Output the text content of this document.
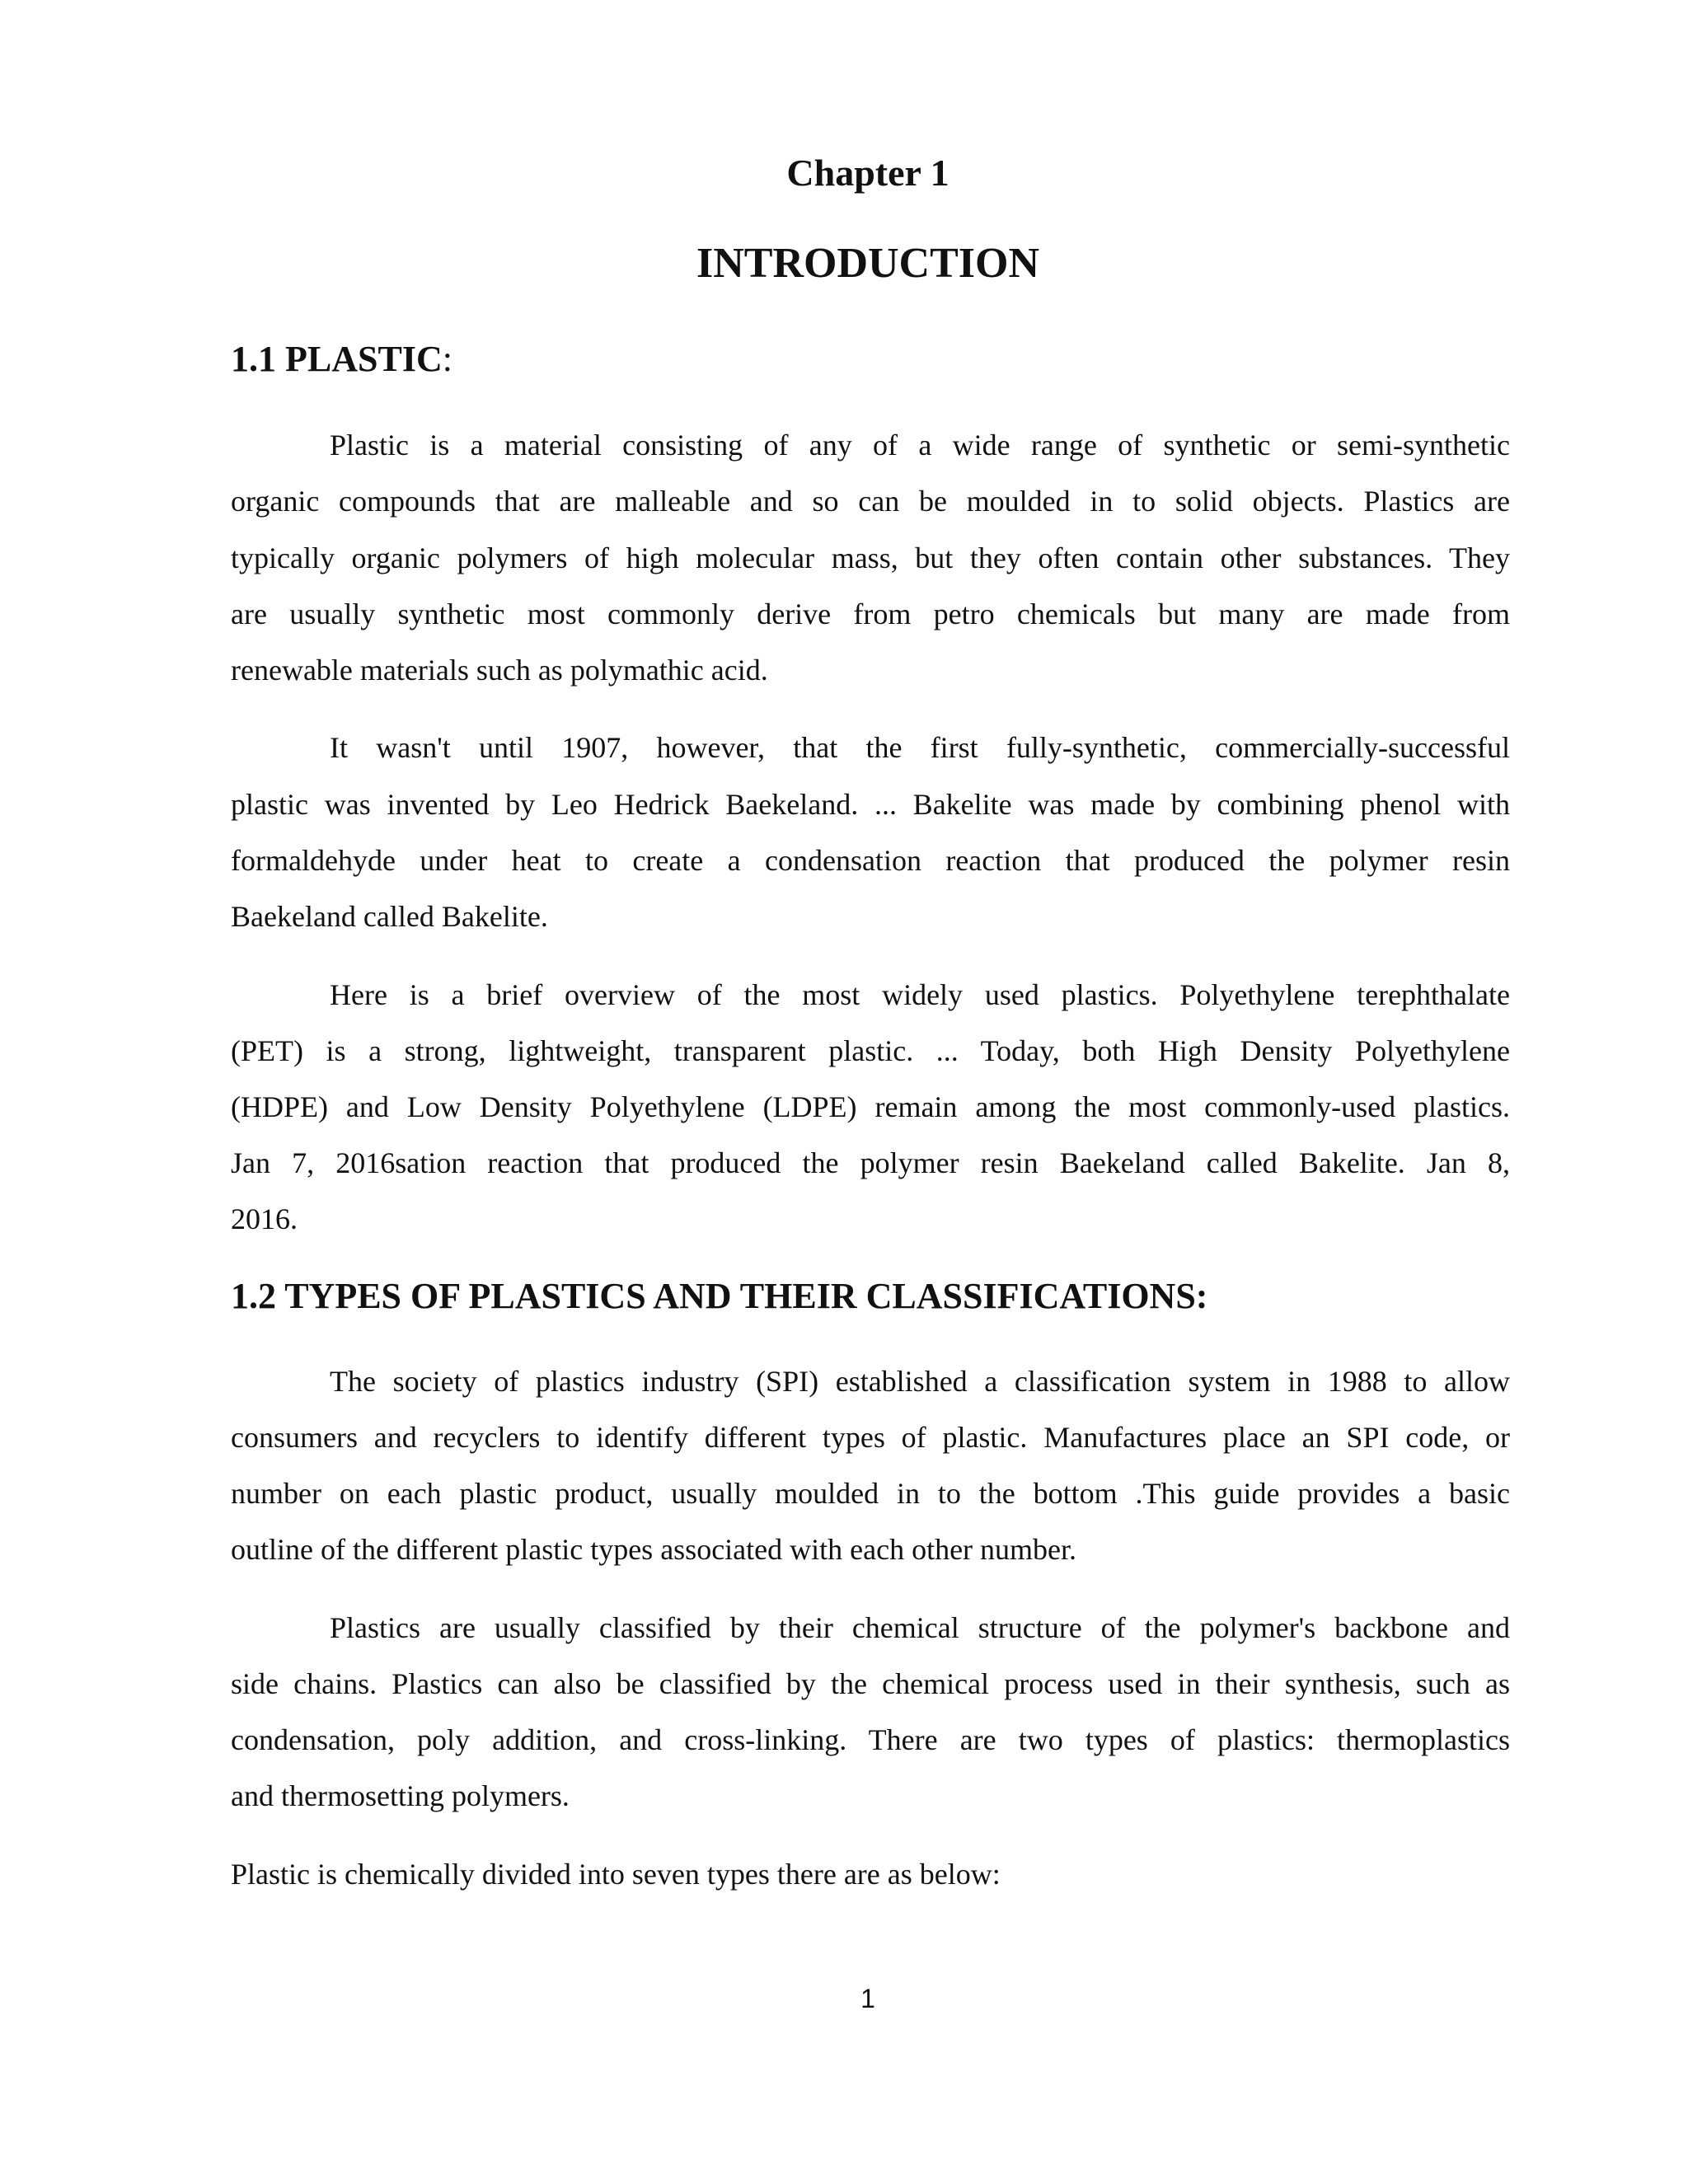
Chapter 1
INTRODUCTION
1.1 PLASTIC:
Plastic is a material consisting of any of a wide range of synthetic or semi-synthetic
organic compounds that are malleable and so can be moulded in to solid objects. Plastics are
typically organic polymers of high molecular mass, but they often contain other substances. They
are usually synthetic most commonly derive from petro chemicals but many are made from
renewable materials such as polymathic acid.
It wasn't until 1907, however, that the first fully-synthetic, commercially-successful
plastic was invented by Leo Hedrick Baekeland. ... Bakelite was made by combining phenol with
formaldehyde under heat to create a condensation reaction that produced the polymer resin
Baekeland called Bakelite.
Here is a brief overview of the most widely used plastics. Polyethylene terephthalate
(PET) is a strong, lightweight, transparent plastic. ... Today, both High Density Polyethylene
(HDPE) and Low Density Polyethylene (LDPE) remain among the most commonly-used plastics.
Jan 7, 2016sation reaction that produced the polymer resin Baekeland called Bakelite. Jan 8,
2016.
1.2 TYPES OF PLASTICS AND THEIR CLASSIFICATIONS:
The society of plastics industry (SPI) established a classification system in 1988 to allow
consumers and recyclers to identify different types of plastic. Manufactures place an SPI code, or
number on each plastic product, usually moulded in to the bottom .This guide provides a basic
outline of the different plastic types associated with each other number.
Plastics are usually classified by their chemical structure of the polymer's backbone and
side chains. Plastics can also be classified by the chemical process used in their synthesis, such as
condensation, poly addition, and cross-linking. There are two types of plastics: thermoplastics
and thermosetting polymers.
Plastic is chemically divided into seven types there are as below:
1
